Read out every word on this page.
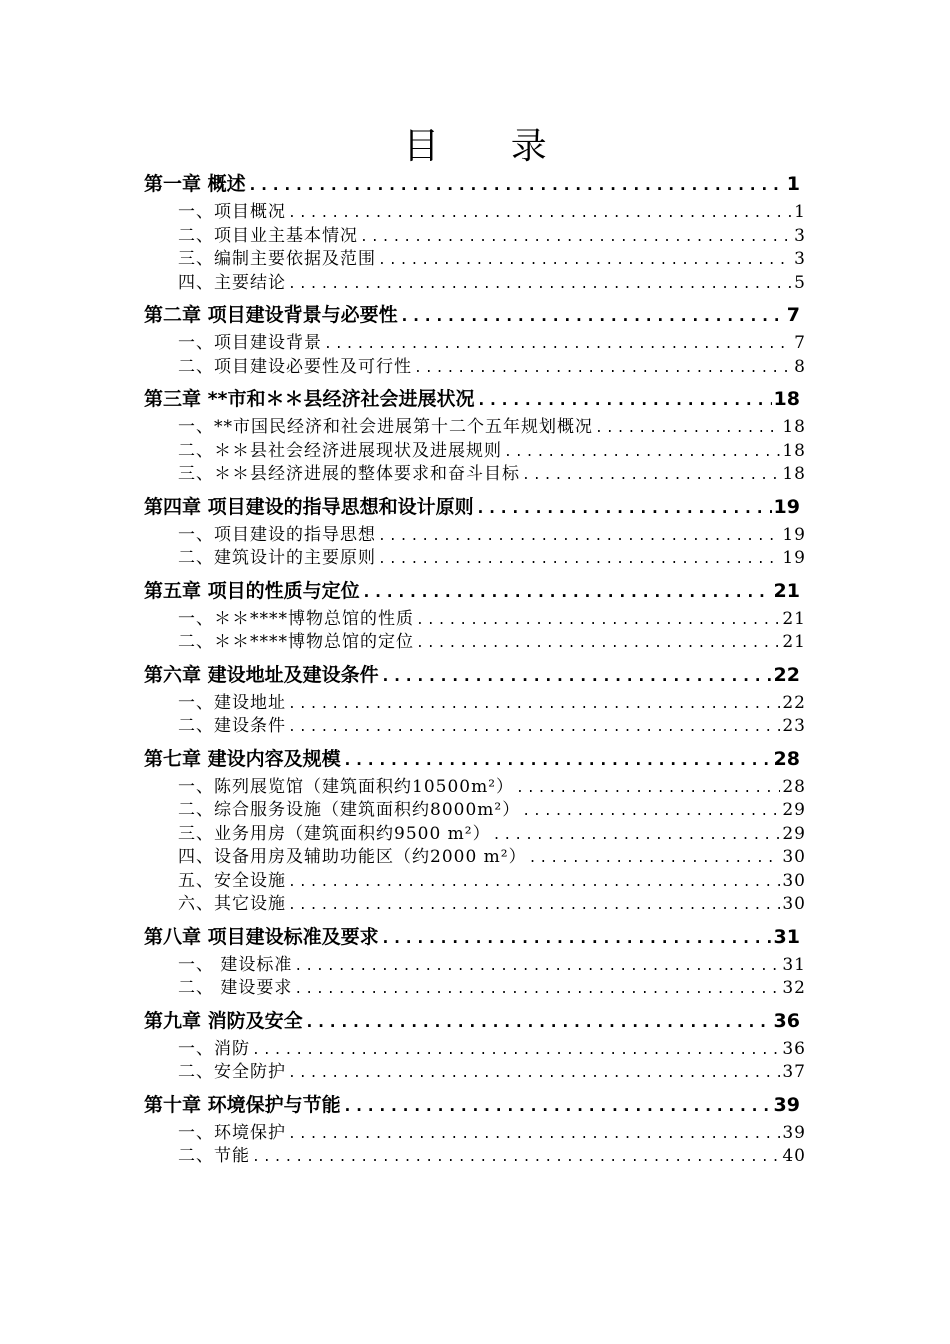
目 录
第一章 概述 .....	1
一、项目概况 .....	1
二、项目业主基本情况 .....	3
三、编制主要依据及范围 .....	3
四、主要结论 .....	5
第二章 项目建设背景与必要性 .....	7
一、项目建设背景 .....	7
二、项目建设必要性及可行性 .....	8
第三章 **市和＊＊县经济社会进展状况 .....	18
一、**市国民经济和社会进展第十二个五年规划概况 .....	18
二、＊＊县社会经济进展现状及进展规则 .....	18
三、＊＊县经济进展的整体要求和奋斗目标 .....	18
第四章 项目建设的指导思想和设计原则 .....	19
一、项目建设的指导思想 .....	19
二、建筑设计的主要原则 .....	19
第五章 项目的性质与定位 .....	21
一、＊＊****博物总馆的性质 .....	21
二、＊＊****博物总馆的定位 .....	21
第六章 建设地址及建设条件 .....	22
一、建设地址 .....	22
二、建设条件 .....	23
第七章 建设内容及规模 .....	28
一、陈列展览馆（建筑面积约10500m²） .....	28
二、综合服务设施（建筑面积约8000m²） .....	29
三、业务用房（建筑面积约9500 m²） .....	29
四、设备用房及辅助功能区（约2000 m²） .....	30
五、安全设施 .....	30
六、其它设施 .....	30
第八章 项目建设标准及要求 .....	31
一、 建设标准 .....	31
二、 建设要求 .....	32
第九章 消防及安全 .....	36
一、消防 .....	36
二、安全防护 .....	37
第十章 环境保护与节能 .....	39
一、环境保护 .....	39
二、节能 .....	40
